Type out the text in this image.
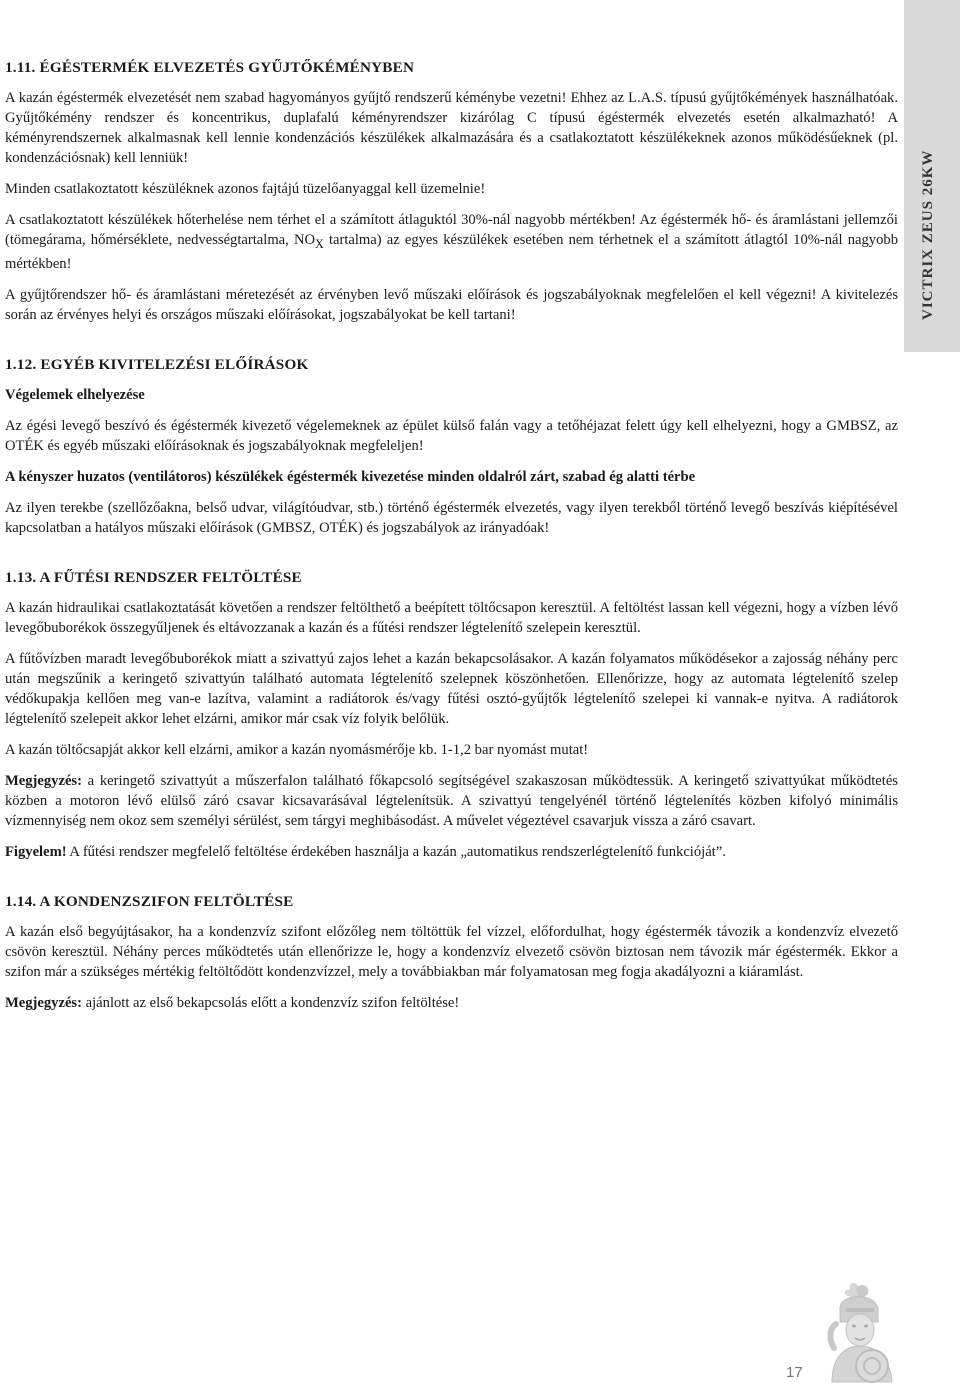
VICTRIX ZEUS 26KW
1.11. ÉGÉSTERMÉK ELVEZETÉS GYŰJTŐKÉMÉNYBEN

A kazán égéstermék elvezetését nem szabad hagyományos gyűjtő rendszerű kéménybe vezetni! Ehhez az L.A.S. típusú gyűjtőkémények használhatóak. Gyűjtőkémény rendszer és koncentrikus, duplafalú kéményrendszer kizárólag C típusú égéstermék elvezetés esetén alkalmazható! A kéményrendszernek alkalmasnak kell lennie kondenzációs készülékek alkalmazására és a csatlakoztatott készülékeknek azonos működésűeknek (pl. kondenzációsnak) kell lenniük!

Minden csatlakoztatott készüléknek azonos fajtájú tüzelőanyaggal kell üzemelnie!

A csatlakoztatott készülékek hőterhelése nem térhet el a számított átlaguktól 30%-nál nagyobb mértékben! Az égéstermék hő- és áramlástani jellemzői (tömegárama, hőmérséklete, nedvességtartalma, $NO_X$ tartalma) az egyes készülékek esetében nem térhetnek el a számított átlagtól 10%-nál nagyobb mértékben!

A gyűjtőrendszer hő- és áramlástani méretezését az érvényben levő műszaki előírások és jogszabályoknak megfelelően el kell végezni! A kivitelezés során az érvényes helyi és országos műszaki előírásokat, jogszabályokat be kell tartani!

1.12. EGYÉB KIVITELEZÉSI ELŐÍRÁSOK

Végelemek elhelyezése

Az égési levegő beszívó és égéstermék kivezető végelemeknek az épület külső falán vagy a tetőhéjazat felett úgy kell elhelyezni, hogy a GMBSZ, az OTÉK és egyéb műszaki előírásoknak és jogszabályoknak megfeleljen!

A kényszer huzatos (ventilátoros) készülékek égéstermék kivezetése minden oldalról zárt, szabad ég alatti térbe

Az ilyen terekbe (szellőzőakna, belső udvar, világítóudvar, stb.) történő égéstermék elvezetés, vagy ilyen terekből történő levegő beszívás kiépítésével kapcsolatban a hatályos műszaki előírások (GMBSZ, OTÉK) és jogszabályok az irányadóak!

1.13. A FŰTÉSI RENDSZER FELTÖLTÉSE

A kazán hidraulikai csatlakoztatását követően a rendszer feltölthető a beépített töltőcsapon keresztül. A feltöltést lassan kell végezni, hogy a vízben lévő levegőbuborékok összegyűljenek és eltávozzanak a kazán és a fűtési rendszer légtelenítő szelepein keresztül.

A fűtővízben maradt levegőbuborékok miatt a szivattyú zajos lehet a kazán bekapcsolásakor. A kazán folyamatos működésekor a zajosság néhány perc után megszűnik a keringető szivattyún található automata légtelenítő szelepnek köszönhetően. Ellenőrizze, hogy az automata légtelenítő szelep védőkupakja kellően meg van-e lazítva, valamint a radiátorok és/vagy fűtési osztó-gyűjtők légtelenítő szelepei ki vannak-e nyitva. A radiátorok légtelenítő szelepeit akkor lehet elzárni, amikor már csak víz folyik belőlük.

A kazán töltőcsapját akkor kell elzárni, amikor a kazán nyomásmérője kb. 1-1,2 bar nyomást mutat!

Megjegyzés: a keringető szivattyút a műszerfalon található főkapcsoló segítségével szakaszosan működtessük. A keringető szivattyúkat működtetés közben a motoron lévő elülső záró csavar kicsavarásával légtelenítsük. A szivattyú tengelyénél történő légtelenítés közben kifolyó minimális vízmennyiség nem okoz sem személyi sérülést, sem tárgyi meghibásodást. A művelet végeztével csavarjuk vissza a záró csavart.

Figyelem! A fűtési rendszer megfelelő feltöltése érdekében használja a kazán „automatikus rendszerlégtelenítő funkcióját”.

1.14. A KONDENZSZIFON FELTÖLTÉSE

A kazán első begyújtásakor, ha a kondenzvíz szifont előzőleg nem töltöttük fel vízzel, előfordulhat, hogy égéstermék távozik a kondenzvíz elvezető csövön keresztül. Néhány perces működtetés után ellenőrizze le, hogy a kondenzvíz elvezető csövön biztosan nem távozik már égéstermék. Ekkor a szifon már a szükséges mértékig feltöltődött kondenzvízzel, mely a továbbiakban már folyamatosan meg fogja akadályozni a kiáramlást.

Megjegyzés: ajánlott az első bekapcsolás előtt a kondenzvíz szifon feltöltése!

17
